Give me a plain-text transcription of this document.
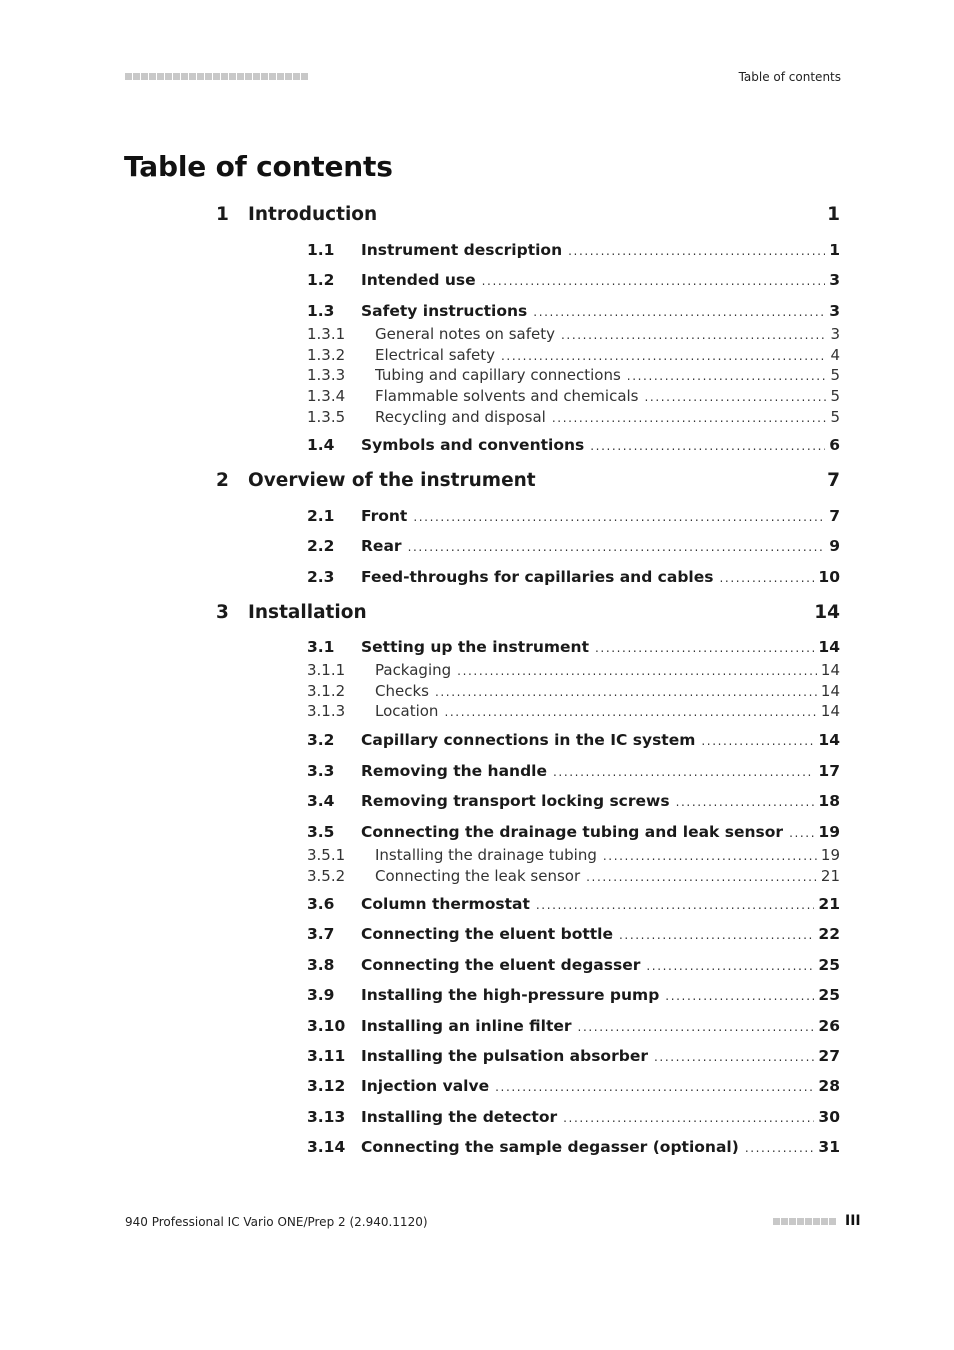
Table of contents
Table of contents
1 Introduction	1
1.1 Instrument description .....	1
1.2 Intended use .....	3
1.3 Safety instructions .....	3
1.3.1 General notes on safety .....	3
1.3.2 Electrical safety .....	4
1.3.3 Tubing and capillary connections .....	5
1.3.4 Flammable solvents and chemicals .....	5
1.3.5 Recycling and disposal .....	5
1.4 Symbols and conventions .....	6
2 Overview of the instrument	7
2.1 Front .....	7
2.2 Rear .....	9
2.3 Feed-throughs for capillaries and cables .....	10
3 Installation	14
3.1 Setting up the instrument .....	14
3.1.1 Packaging .....	14
3.1.2 Checks .....	14
3.1.3 Location .....	14
3.2 Capillary connections in the IC system .....	14
3.3 Removing the handle .....	17
3.4 Removing transport locking screws .....	18
3.5 Connecting the drainage tubing and leak sensor ..... 19
3.5.1 Installing the drainage tubing .....	19
3.5.2 Connecting the leak sensor .....	21
3.6 Column thermostat .....	21
3.7 Connecting the eluent bottle .....	22
3.8 Connecting the eluent degasser .....	25
3.9 Installing the high-pressure pump .....	25
3.10 Installing an inline filter .....	26
3.11 Installing the pulsation absorber .....	27
3.12 Injection valve .....	28
3.13 Installing the detector .....	30
3.14 Connecting the sample degasser (optional) .....	31
940 Professional IC Vario ONE/Prep 2 (2.940.1120)	III
